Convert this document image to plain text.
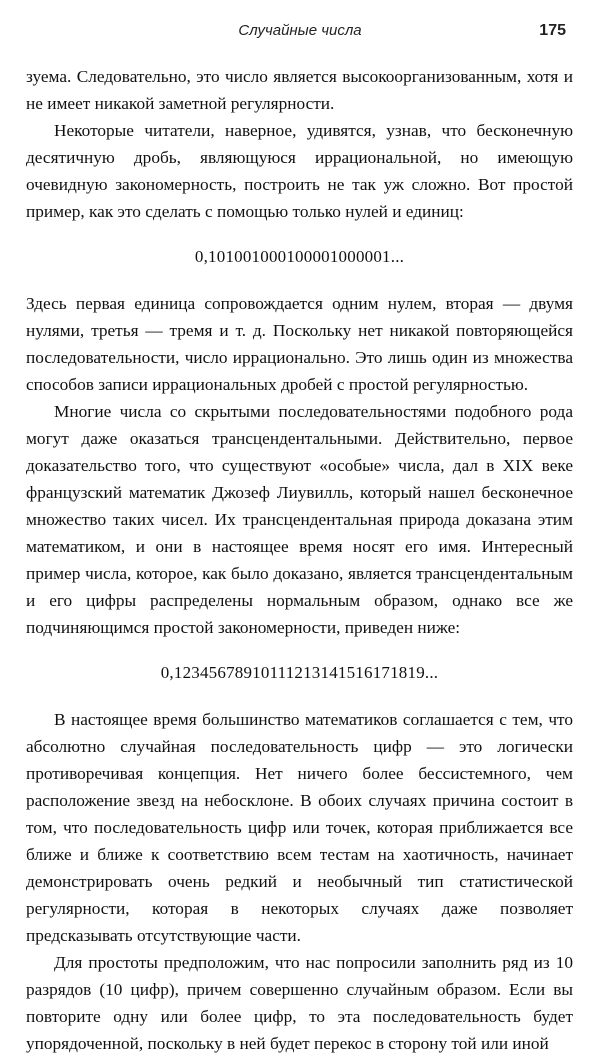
Случайные числа	175

зуема. Следовательно, это число является высокоорганизованным, хотя и не имеет никакой заметной регулярности.

Некоторые читатели, наверное, удивятся, узнав, что бесконечную десятичную дробь, являющуюся иррациональной, но имеющую очевидную закономерность, построить не так уж сложно. Вот простой пример, как это сделать с помощью только нулей и единиц:

0,101001000100001000001...

Здесь первая единица сопровождается одним нулем, вторая — двумя нулями, третья — тремя и т. д. Поскольку нет никакой повторяющейся последовательности, число иррационально. Это лишь один из множества способов записи иррациональных дробей с простой регулярностью.

Многие числа со скрытыми последовательностями подобного рода могут даже оказаться трансцендентальными. Действительно, первое доказательство того, что существуют «особые» числа, дал в XIX веке французский математик Джозеф Лиувилль, который нашел бесконечное множество таких чисел. Их трансцендентальная природа доказана этим математиком, и они в настоящее время носят его имя. Интересный пример числа, которое, как было доказано, является трансцендентальным и его цифры распределены нормальным образом, однако все же подчиняющимся простой закономерности, приведен ниже:

0,12345678910111213141516171819...

В настоящее время большинство математиков соглашается с тем, что абсолютно случайная последовательность цифр — это логически противоречивая концепция. Нет ничего более бессистемного, чем расположение звезд на небосклоне. В обоих случаях причина состоит в том, что последовательность цифр или точек, которая приближается все ближе и ближе к соответствию всем тестам на хаотичность, начинает демонстрировать очень редкий и необычный тип статистической регулярности, которая в некоторых случаях даже позволяет предсказывать отсутствующие части.

Для простоты предположим, что нас попросили заполнить ряд из 10 разрядов (10 цифр), причем совершенно случайным образом. Если вы повторите одну или более цифр, то эта последовательность будет упорядоченной, поскольку в ней будет перекос в сторону той или иной
